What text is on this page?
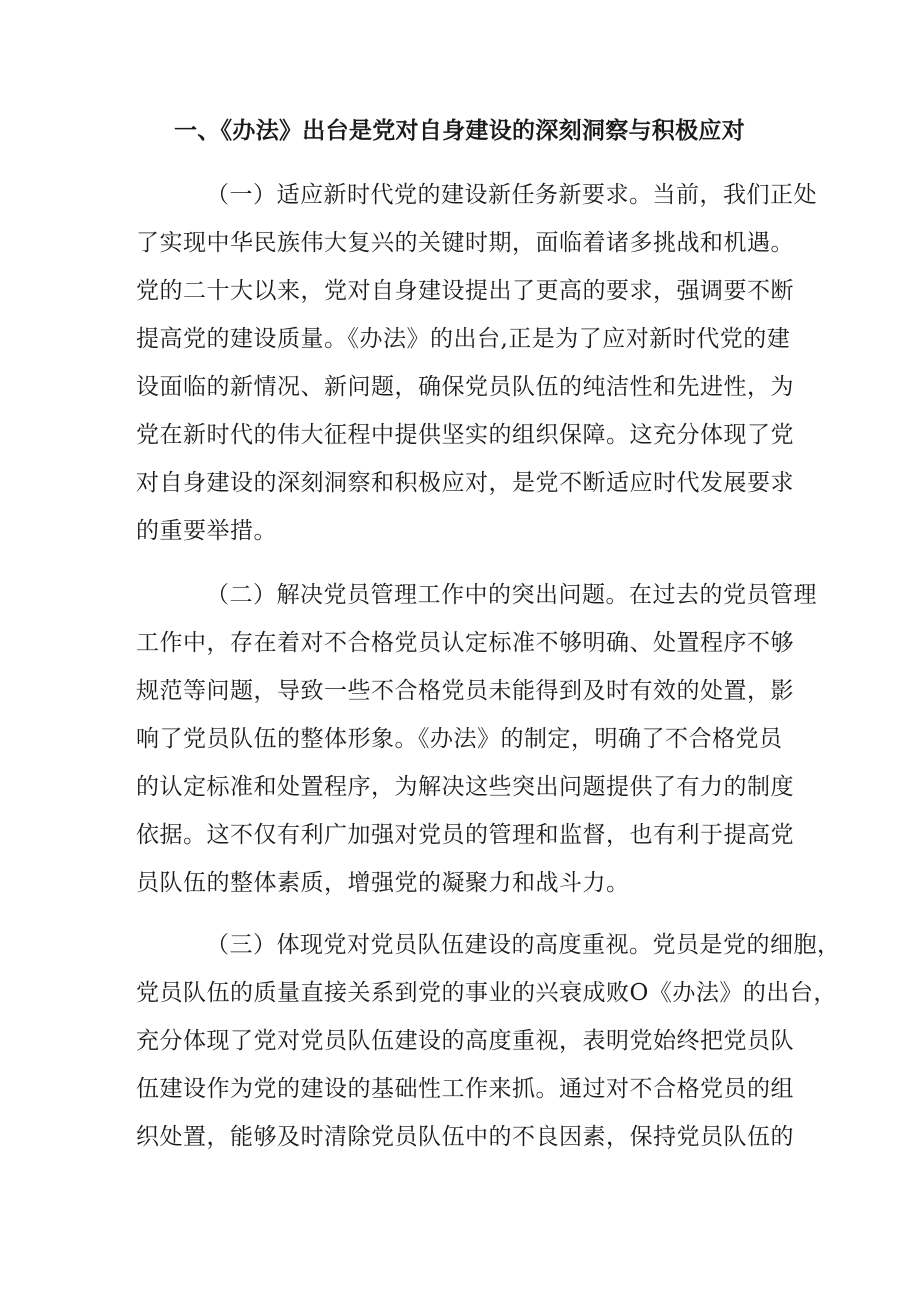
一、《办法》出台是党对自身建设的深刻洞察与积极应对
（一）适应新时代党的建设新任务新要求。当前，我们正处
了实现中华民族伟大复兴的关键时期，面临着诸多挑战和机遇。
党的二十大以来，党对自身建设提出了更高的要求，强调要不断
提高党的建设质量。《办法》的出台,正是为了应对新时代党的建
设面临的新情况、新问题，确保党员队伍的纯洁性和先进性，为
党在新时代的伟大征程中提供坚实的组织保障。这充分体现了党
对自身建设的深刻洞察和积极应对，是党不断适应时代发展要求
的重要举措。
（二）解决党员管理工作中的突出问题。在过去的党员管理
工作中，存在着对不合格党员认定标准不够明确、处置程序不够
规范等问题，导致一些不合格党员未能得到及时有效的处置，影
响了党员队伍的整体形象。《办法》的制定，明确了不合格党员
的认定标准和处置程序，为解决这些突出问题提供了有力的制度
依据。这不仅有利广加强对党员的管理和监督，也有利于提高党
员队伍的整体素质，增强党的凝聚力和战斗力。
（三）体现党对党员队伍建设的高度重视。党员是党的细胞，
党员队伍的质量直接关系到党的事业的兴衰成败O《办法》的出台，
充分体现了党对党员队伍建设的高度重视，表明党始终把党员队
伍建设作为党的建设的基础性工作来抓。通过对不合格党员的组
织处置，能够及时清除党员队伍中的不良因素，保持党员队伍的
